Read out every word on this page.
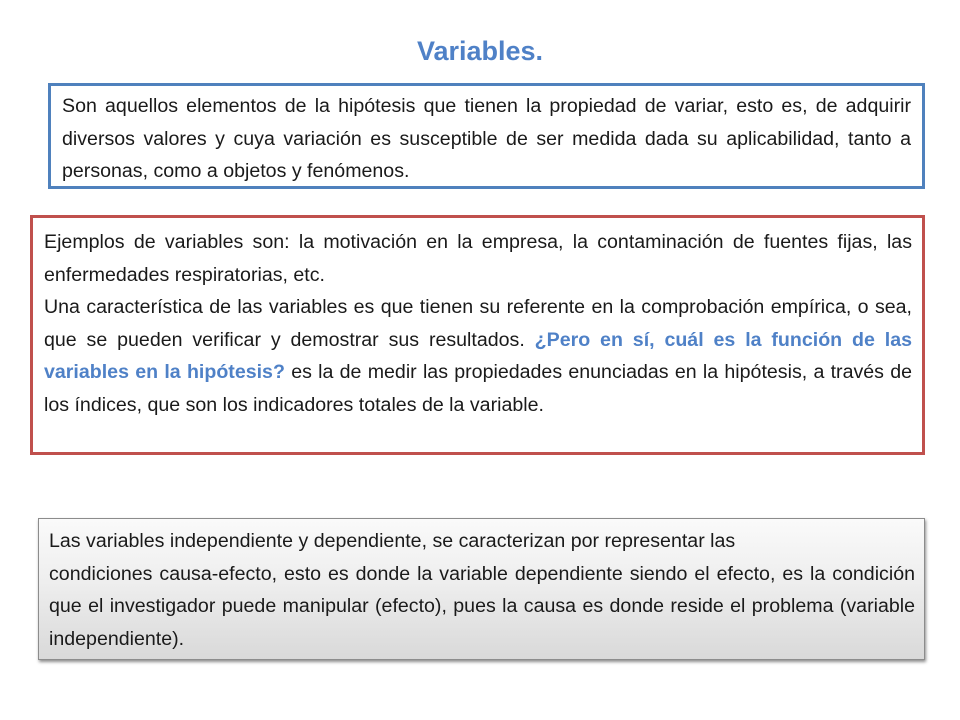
Variables.

Son aquellos elementos de la hipótesis que tienen la propiedad de variar, esto es, de adquirir diversos valores y cuya variación es susceptible de ser medida dada su aplicabilidad, tanto a personas, como a objetos y fenómenos.

Ejemplos de variables son: la motivación en la empresa, la contaminación de fuentes fijas, las enfermedades respiratorias, etc.

Una característica de las variables es que tienen su referente en la comprobación empírica, o sea, que se pueden verificar y demostrar sus resultados. ¿Pero en sí, cuál es la función de las variables en la hipótesis? es la de medir las propiedades enunciadas en la hipótesis, a través de los índices, que son los indicadores totales de la variable.

Las variables independiente y dependiente, se caracterizan por representar las

condiciones causa-efecto, esto es donde la variable dependiente siendo el efecto, es la condición que el investigador puede manipular (efecto), pues la causa es donde reside el problema (variable independiente).
